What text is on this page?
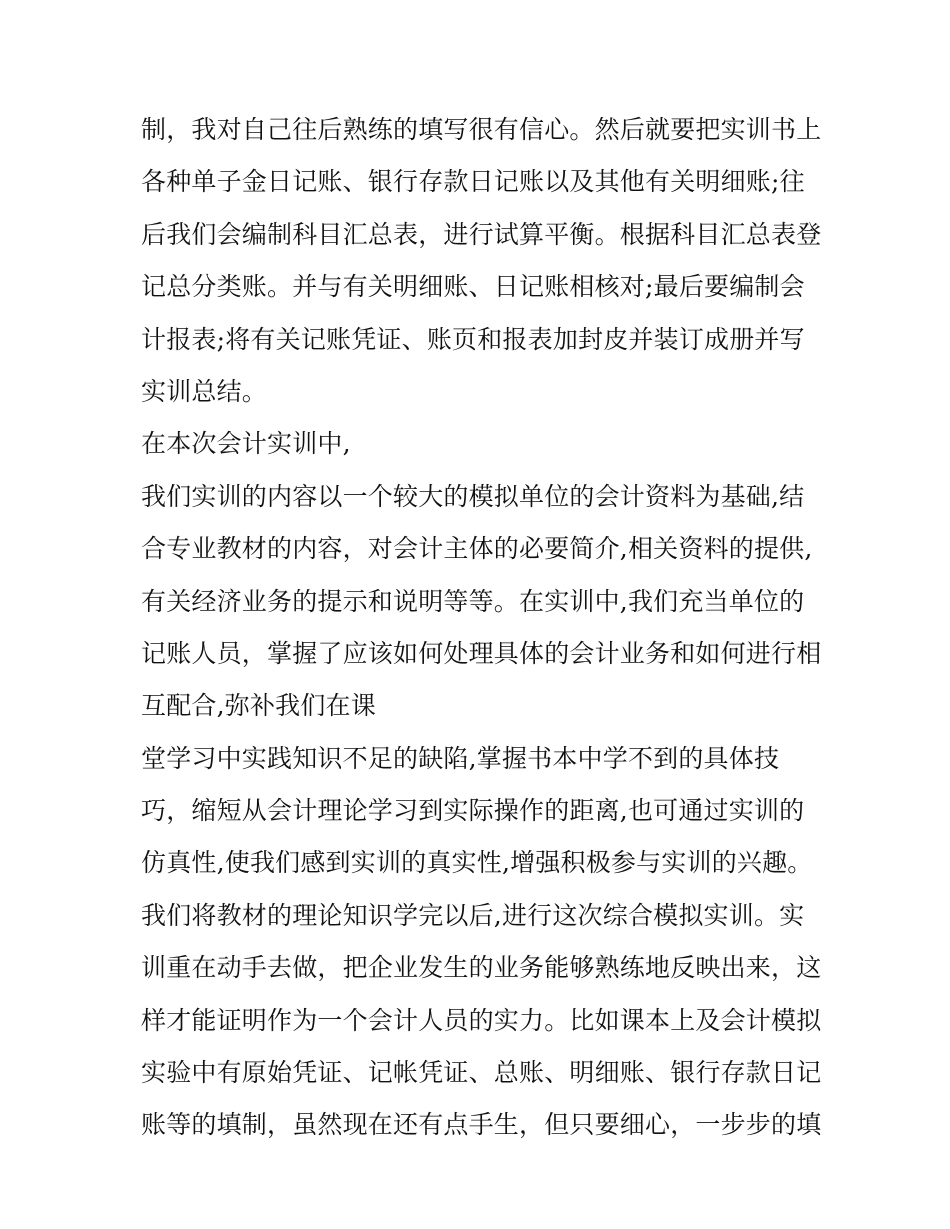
制，我对自己往后熟练的填写很有信心。然后就要把实训书上
各种单子金日记账、银行存款日记账以及其他有关明细账;往
后我们会编制科目汇总表，进行试算平衡。根据科目汇总表登
记总分类账。并与有关明细账、日记账相核对;最后要编制会
计报表;将有关记账凭证、账页和报表加封皮并装订成册并写
实训总结。
在本次会计实训中,
我们实训的内容以一个较大的模拟单位的会计资料为基础,结
合专业教材的内容，对会计主体的必要简介,相关资料的提供,
有关经济业务的提示和说明等等。在实训中,我们充当单位的
记账人员，掌握了应该如何处理具体的会计业务和如何进行相
互配合,弥补我们在课
堂学习中实践知识不足的缺陷,掌握书本中学不到的具体技
巧，缩短从会计理论学习到实际操作的距离,也可通过实训的
仿真性,使我们感到实训的真实性,增强积极参与实训的兴趣。
我们将教材的理论知识学完以后,进行这次综合模拟实训。实
训重在动手去做，把企业发生的业务能够熟练地反映出来，这
样才能证明作为一个会计人员的实力。比如课本上及会计模拟
实验中有原始凭证、记帐凭证、总账、明细账、银行存款日记
账等的填制，虽然现在还有点手生，但只要细心，一步步的填
